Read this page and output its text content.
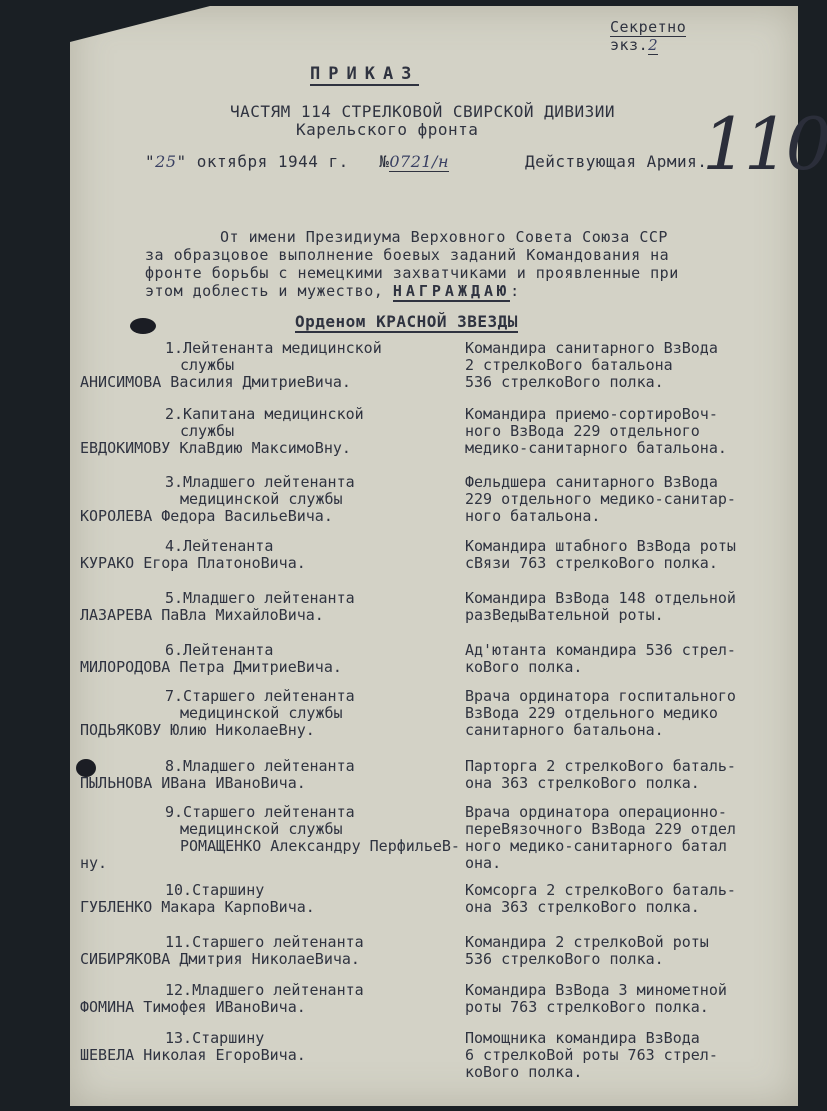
Секретно
экз.2
110
ПРИКАЗ
ЧАСТЯМ 114 СТРЕЛКОВОЙ СВИРСКОЙ ДИВИЗИИ
Карельского фронта
"25" октября 1944 г. №0721/н	Действующая Армия.
От имени Президиума Верховного Совета Союза ССР
за образцовое выполнение боевых заданий Командования на
фронте борьбы с немецкими захватчиками и проявленные при
этом доблесть и мужество, НАГРАЖДАЮ:
Орденом КРАСНОЙ ЗВЕЗДЫ
1.Лейтенанта медицинской
службы
АНИСИМОВА Василия ДмитриеВича.
Командира санитарного ВзВода
2 стрелкоВого батальона
536 стрелкоВого полка.
2.Капитана медицинской
службы
ЕВДОКИМОВУ КлаВдию МаксимоВну.
Командира приемо-сортироВоч-
ного ВзВода 229 отдельного
медико-санитарного батальона.
3.Младшего лейтенанта
медицинской службы
КОРОЛЕВА Федора ВасильеВича.
Фельдшера санитарного ВзВода
229 отдельного медико-санитар-
ного батальона.
4.Лейтенанта
КУРАКО Егора ПлатоноВича.
Командира штабного ВзВода роты
сВязи 763 стрелкоВого полка.
5.Младшего лейтенанта
ЛАЗАРЕВА ПаВла МихайлоВича.
Командира ВзВода 148 отдельной
разВедыВательной роты.
6.Лейтенанта
МИЛОРОДОВА Петра ДмитриеВича.
Ад'ютанта командира 536 стрел-
коВого полка.
7.Старшего лейтенанта
медицинской службы
ПОДЬЯКОВУ Юлию НиколаеВну.
Врача ординатора госпитального
ВзВода 229 отдельного медико
санитарного батальона.
8.Младшего лейтенанта
ПЫЛЬНОВА ИВана ИВаноВича.
Парторга 2 стрелкоВого баталь-
она 363 стрелкоВого полка.
9.Старшего лейтенанта
медицинской службы
РОМАЩЕНКО Александру ПерфильеВ-
ну.
Врача ординатора операционно-
переВязочного ВзВода 229 отдел
ного медико-санитарного батал
она.
10.Старшину
ГУБЛЕНКО Макара КарпоВича.
Комсорга 2 стрелкоВого баталь-
она 363 стрелкоВого полка.
11.Старшего лейтенанта
СИБИРЯКОВА Дмитрия НиколаеВича.
Командира 2 стрелкоВой роты
536 стрелкоВого полка.
12.Младшего лейтенанта
ФОМИНА Тимофея ИВаноВича.
Командира ВзВода 3 минометной
роты 763 стрелкоВого полка.
13.Старшину
ШЕВЕЛА Николая ЕгороВича.
Помощника командира ВзВода
6 стрелкоВой роты 763 стрел-
коВого полка.
